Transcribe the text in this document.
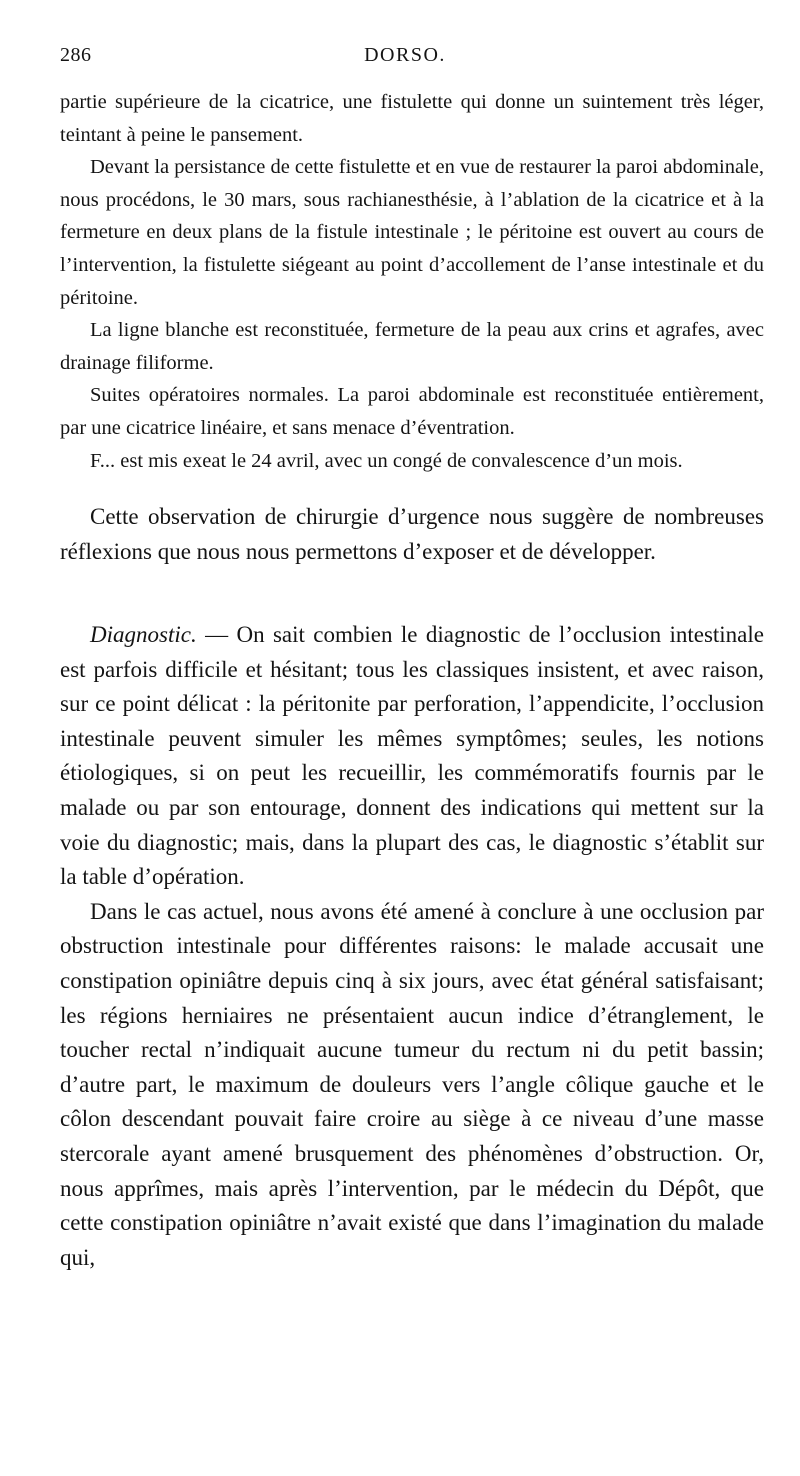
286	DORSO.

partie supérieure de la cicatrice, une fistulette qui donne un suintement très léger, teintant à peine le pansement.

Devant la persistance de cette fistulette et en vue de restaurer la paroi abdominale, nous procédons, le 30 mars, sous rachianesthésie, à l’ablation de la cicatrice et à la fermeture en deux plans de la fistule intestinale ; le péritoine est ouvert au cours de l’intervention, la fistulette siégeant au point d’accollement de l’anse intestinale et du péritoine.

La ligne blanche est reconstituée, fermeture de la peau aux crins et agrafes, avec drainage filiforme.

Suites opératoires normales. La paroi abdominale est reconstituée entièrement, par une cicatrice linéaire, et sans menace d’éventration.

F... est mis exeat le 24 avril, avec un congé de convalescence d’un mois.

Cette observation de chirurgie d’urgence nous suggère de nombreuses réflexions que nous nous permettons d’exposer et de développer.

Diagnostic. — On sait combien le diagnostic de l’occlusion intestinale est parfois difficile et hésitant; tous les classiques insistent, et avec raison, sur ce point délicat : la péritonite par perforation, l’appendicite, l’occlusion intestinale peuvent simuler les mêmes symptômes; seules, les notions étiologiques, si on peut les recueillir, les commémoratifs fournis par le malade ou par son entourage, donnent des indications qui mettent sur la voie du diagnostic; mais, dans la plupart des cas, le diagnostic s’établit sur la table d’opération.

Dans le cas actuel, nous avons été amené à conclure à une occlusion par obstruction intestinale pour différentes raisons: le malade accusait une constipation opiniâtre depuis cinq à six jours, avec état général satisfaisant; les régions herniaires ne présentaient aucun indice d’étranglement, le toucher rectal n’indiquait aucune tumeur du rectum ni du petit bassin; d’autre part, le maximum de douleurs vers l’angle côlique gauche et le côlon descendant pouvait faire croire au siège à ce niveau d’une masse stercorale ayant amené brusquement des phénomènes d’obstruction. Or, nous apprîmes, mais après l’intervention, par le médecin du Dépôt, que cette constipation opiniâtre n’avait existé que dans l’imagination du malade qui,
